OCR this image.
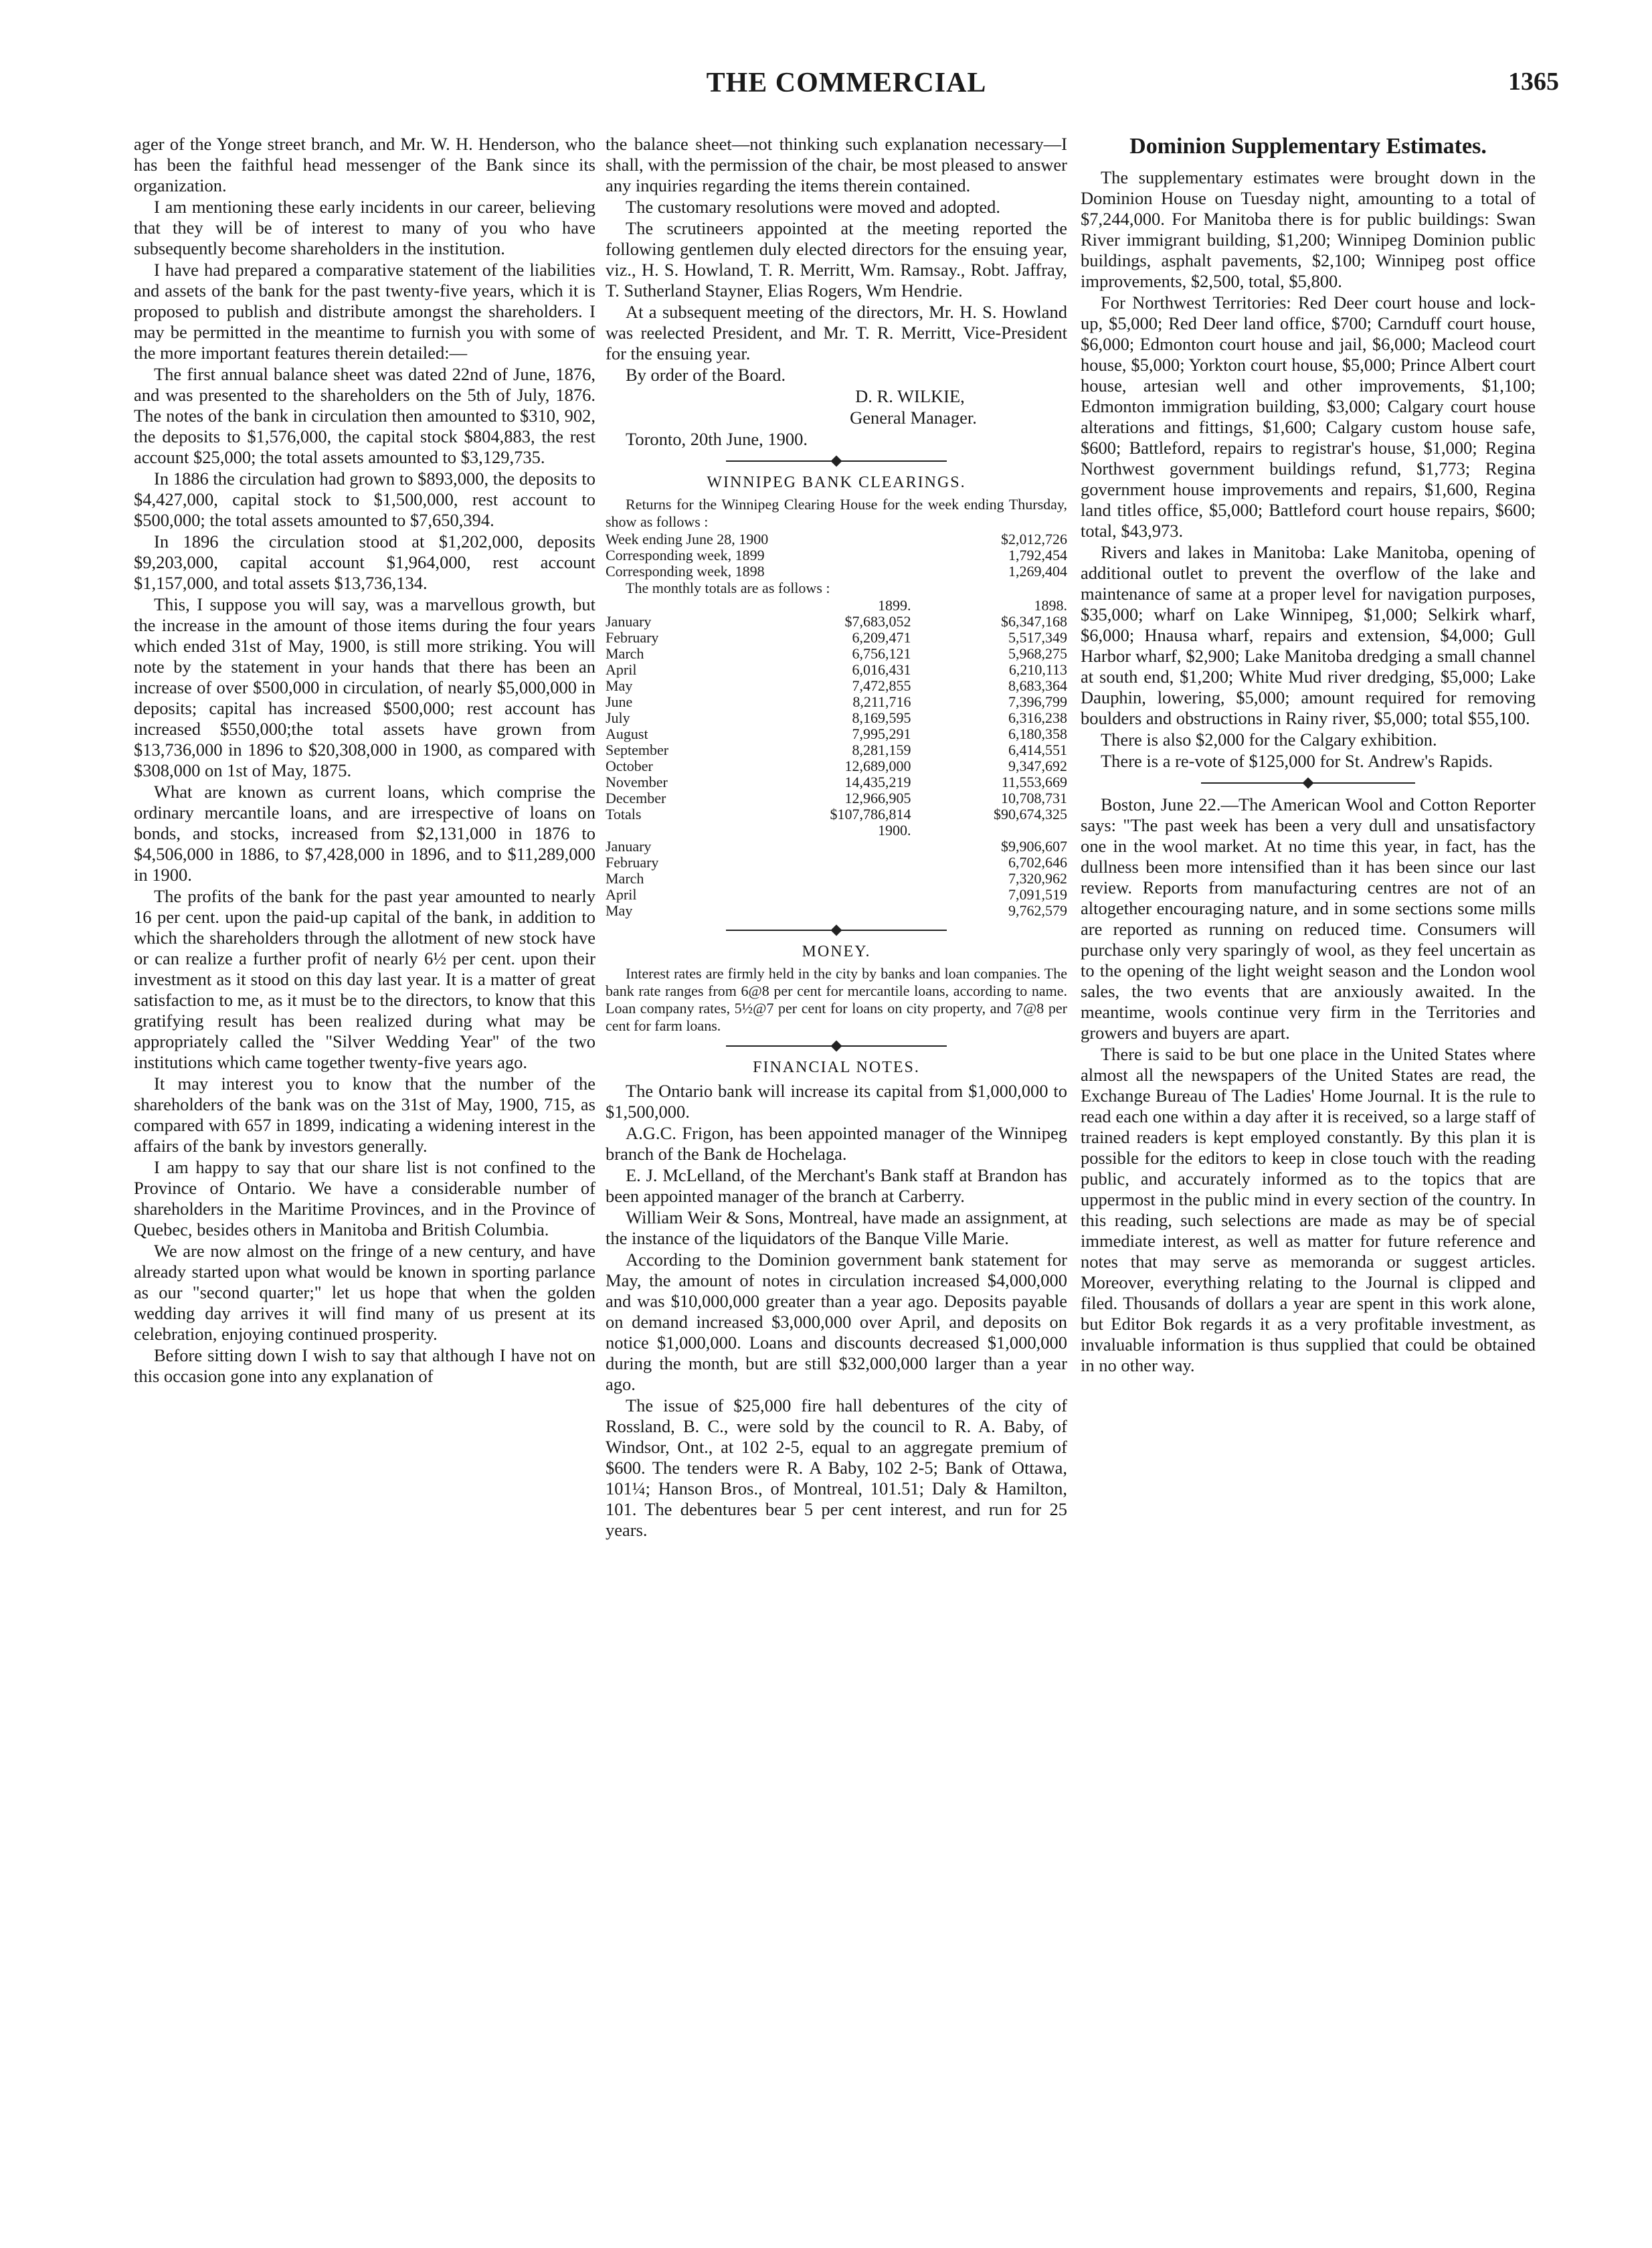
THE COMMERCIAL	1365

ager of the Yonge street branch, and Mr. W. H. Henderson, who has been the faithful head messenger of the Bank since its organization.

I am mentioning these early incidents in our career, believing that they will be of interest to many of you who have subsequently become shareholders in the institution.

I have had prepared a comparative statement of the liabilities and assets of the bank for the past twenty-five years, which it is proposed to publish and distribute amongst the shareholders. I may be permitted in the meantime to furnish you with some of the more important features therein detailed:—

The first annual balance sheet was dated 22nd of June, 1876, and was presented to the shareholders on the 5th of July, 1876. The notes of the bank in circulation then amounted to $310, 902, the deposits to $1,576,000, the capital stock $804,883, the rest account $25,000; the total assets amounted to $3,129,735.

In 1886 the circulation had grown to $893,000, the deposits to $4,427,000, capital stock to $1,500,000, rest account to $500,000; the total assets amounted to $7,650,394.

In 1896 the circulation stood at $1,202,000, deposits $9,203,000, capital account $1,964,000, rest account $1,157,000, and total assets $13,736,134.

This, I suppose you will say, was a marvellous growth, but the increase in the amount of those items during the four years which ended 31st of May, 1900, is still more striking. You will note by the statement in your hands that there has been an increase of over $500,000 in circulation, of nearly $5,000,000 in deposits; capital has increased $500,000; rest account has increased $550,000;the total assets have grown from $13,736,000 in 1896 to $20,308,000 in 1900, as compared with $308,000 on 1st of May, 1875.

What are known as current loans, which comprise the ordinary mercantile loans, and are irrespective of loans on bonds, and stocks, increased from $2,131,000 in 1876 to $4,506,000 in 1886, to $7,428,000 in 1896, and to $11,289,000 in 1900.

The profits of the bank for the past year amounted to nearly 16 per cent. upon the paid-up capital of the bank, in addition to which the shareholders through the allotment of new stock have or can realize a further profit of nearly 6½ per cent. upon their investment as it stood on this day last year. It is a matter of great satisfaction to me, as it must be to the directors, to know that this gratifying result has been realized during what may be appropriately called the "Silver Wedding Year" of the two institutions which came together twenty-five years ago.

It may interest you to know that the number of the shareholders of the bank was on the 31st of May, 1900, 715, as compared with 657 in 1899, indicating a widening interest in the affairs of the bank by investors generally.

I am happy to say that our share list is not confined to the Province of Ontario. We have a considerable number of shareholders in the Maritime Provinces, and in the Province of Quebec, besides others in Manitoba and British Columbia.

We are now almost on the fringe of a new century, and have already started upon what would be known in sporting parlance as our "second quarter;" let us hope that when the golden wedding day arrives it will find many of us present at its celebration, enjoying continued prosperity.

Before sitting down I wish to say that although I have not on this occasion gone into any explanation of

the balance sheet—not thinking such explanation necessary—I shall, with the permission of the chair, be most pleased to answer any inquiries regarding the items therein contained.

The customary resolutions were moved and adopted.

The scrutineers appointed at the meeting reported the following gentlemen duly elected directors for the ensuing year, viz., H. S. Howland, T. R. Merritt, Wm. Ramsay., Robt. Jaffray, T. Sutherland Stayner, Elias Rogers, Wm Hendrie.

At a subsequent meeting of the directors, Mr. H. S. Howland was reelected President, and Mr. T. R. Merritt, Vice-President for the ensuing year.

By order of the Board.

D. R. WILKIE,

General Manager.

Toronto, 20th June, 1900.

WINNIPEG BANK CLEARINGS.

Returns for the Winnipeg Clearing House for the week ending Thursday, show as follows :

Week ending June 28, 1900	$2,012,726
Corresponding week, 1899	1,792,454
Corresponding week, 1898	1,269,404

The monthly totals are as follows :

	1899.	1898.
January	$7,683,052	$6,347,168
February	6,209,471	5,517,349
March	6,756,121	5,968,275
April	6,016,431	6,210,113
May	7,472,855	8,683,364
June	8,211,716	7,396,799
July	8,169,595	6,316,238
August	7,995,291	6,180,358
September	8,281,159	6,414,551
October	12,689,000	9,347,692
November	14,435,219	11,553,669
December	12,966,905	10,708,731
Totals	$107,786,814	$90,674,325
1900.		
January		$9,906,607
February		6,702,646
March		7,320,962
April		7,091,519
May		9,762,579
MONEY.

Interest rates are firmly held in the city by banks and loan companies. The bank rate ranges from 6@8 per cent for mercantile loans, according to name. Loan company rates, 5½@7 per cent for loans on city property, and 7@8 per cent for farm loans.

FINANCIAL NOTES.

The Ontario bank will increase its capital from $1,000,000 to $1,500,000.

A.G.C. Frigon, has been appointed manager of the Winnipeg branch of the Bank de Hochelaga.

E. J. McLelland, of the Merchant's Bank staff at Brandon has been appointed manager of the branch at Carberry.

William Weir & Sons, Montreal, have made an assignment, at the instance of the liquidators of the Banque Ville Marie.

According to the Dominion government bank statement for May, the amount of notes in circulation increased $4,000,000 and was $10,000,000 greater than a year ago. Deposits payable on demand increased $3,000,000 over April, and deposits on notice $1,000,000. Loans and discounts decreased $1,000,000 during the month, but are still $32,000,000 larger than a year ago.

The issue of $25,000 fire hall debentures of the city of Rossland, B. C., were sold by the council to R. A. Baby, of Windsor, Ont., at 102 2-5, equal to an aggregate premium of $600. The tenders were R. A Baby, 102 2-5; Bank of Ottawa, 101¼; Hanson Bros., of Montreal, 101.51; Daly & Hamilton, 101. The debentures bear 5 per cent interest, and run for 25 years.

Dominion Supplementary Estimates.

The supplementary estimates were brought down in the Dominion House on Tuesday night, amounting to a total of $7,244,000. For Manitoba there is for public buildings: Swan River immigrant building, $1,200; Winnipeg Dominion public buildings, asphalt pavements, $2,100; Winnipeg post office improvements, $2,500, total, $5,800.

For Northwest Territories: Red Deer court house and lock-up, $5,000; Red Deer land office, $700; Carnduff court house, $6,000; Edmonton court house and jail, $6,000; Macleod court house, $5,000; Yorkton court house, $5,000; Prince Albert court house, artesian well and other improvements, $1,100; Edmonton immigration building, $3,000; Calgary court house alterations and fittings, $1,600; Calgary custom house safe, $600; Battleford, repairs to registrar's house, $1,000; Regina Northwest government buildings refund, $1,773; Regina government house improvements and repairs, $1,600, Regina land titles office, $5,000; Battleford court house repairs, $600; total, $43,973.

Rivers and lakes in Manitoba: Lake Manitoba, opening of additional outlet to prevent the overflow of the lake and maintenance of same at a proper level for navigation purposes, $35,000; wharf on Lake Winnipeg, $1,000; Selkirk wharf, $6,000; Hnausa wharf, repairs and extension, $4,000; Gull Harbor wharf, $2,900; Lake Manitoba dredging a small channel at south end, $1,200; White Mud river dredging, $5,000; Lake Dauphin, lowering, $5,000; amount required for removing boulders and obstructions in Rainy river, $5,000; total $55,100.

There is also $2,000 for the Calgary exhibition.

There is a re-vote of $125,000 for St. Andrew's Rapids.

Boston, June 22.—The American Wool and Cotton Reporter says: "The past week has been a very dull and unsatisfactory one in the wool market. At no time this year, in fact, has the dullness been more intensified than it has been since our last review. Reports from manufacturing centres are not of an altogether encouraging nature, and in some sections some mills are reported as running on reduced time. Consumers will purchase only very sparingly of wool, as they feel uncertain as to the opening of the light weight season and the London wool sales, the two events that are anxiously awaited. In the meantime, wools continue very firm in the Territories and growers and buyers are apart.

There is said to be but one place in the United States where almost all the newspapers of the United States are read, the Exchange Bureau of The Ladies' Home Journal. It is the rule to read each one within a day after it is received, so a large staff of trained readers is kept employed constantly. By this plan it is possible for the editors to keep in close touch with the reading public, and accurately informed as to the topics that are uppermost in the public mind in every section of the country. In this reading, such selections are made as may be of special immediate interest, as well as matter for future reference and notes that may serve as memoranda or suggest articles. Moreover, everything relating to the Journal is clipped and filed. Thousands of dollars a year are spent in this work alone, but Editor Bok regards it as a very profitable investment, as invaluable information is thus supplied that could be obtained in no other way.
